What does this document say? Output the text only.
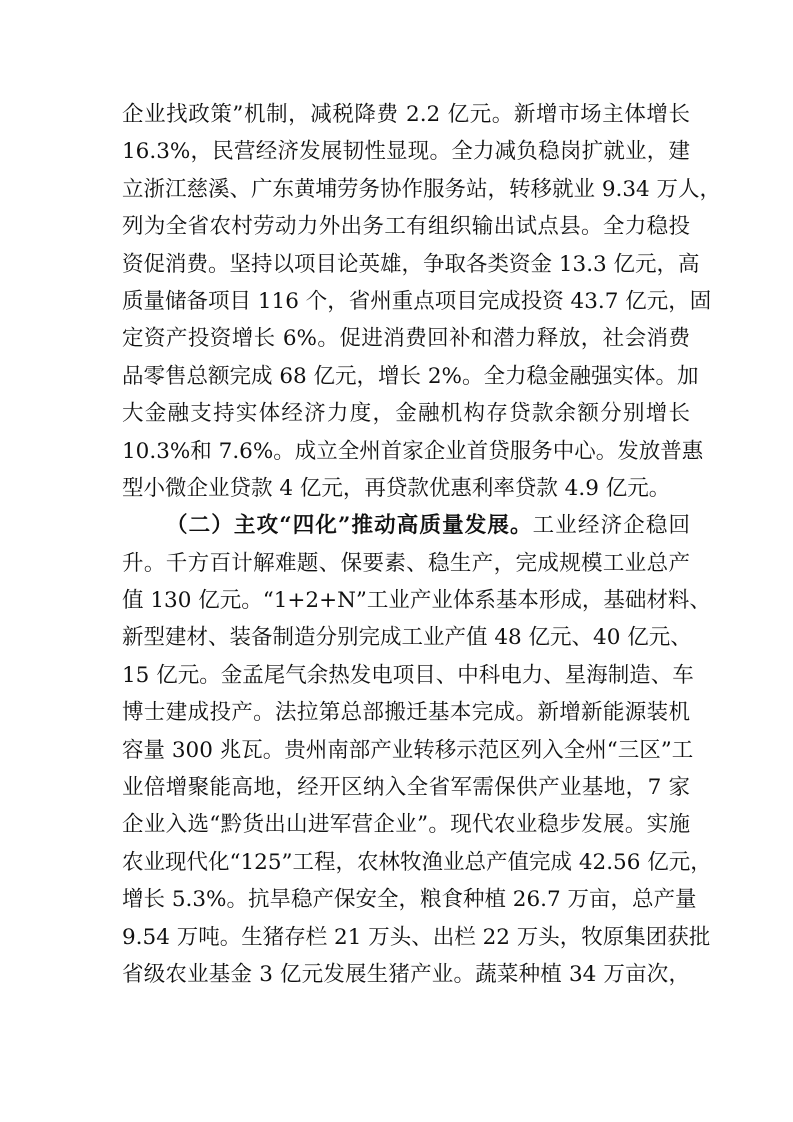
企业找政策”机制，减税降费 2.2 亿元。新增市场主体增长
16.3%，民营经济发展韧性显现。全力减负稳岗扩就业，建
立浙江慈溪、广东黄埔劳务协作服务站，转移就业 9.34 万人，
列为全省农村劳动力外出务工有组织输出试点县。全力稳投
资促消费。坚持以项目论英雄，争取各类资金 13.3 亿元，高
质量储备项目 116 个，省州重点项目完成投资 43.7 亿元，固
定资产投资增长 6%。促进消费回补和潜力释放，社会消费
品零售总额完成 68 亿元，增长 2%。全力稳金融强实体。加
大金融支持实体经济力度，金融机构存贷款余额分别增长
10.3%和 7.6%。成立全州首家企业首贷服务中心。发放普惠
型小微企业贷款 4 亿元，再贷款优惠利率贷款 4.9 亿元。
（二）主攻“四化”推动高质量发展。工业经济企稳回
升。千方百计解难题、保要素、稳生产，完成规模工业总产
值 130 亿元。“1+2+N”工业产业体系基本形成，基础材料、
新型建材、装备制造分别完成工业产值 48 亿元、40 亿元、
15 亿元。金孟尾气余热发电项目、中科电力、星海制造、车
博士建成投产。法拉第总部搬迁基本完成。新增新能源装机
容量 300 兆瓦。贵州南部产业转移示范区列入全州“三区”工
业倍增聚能高地，经开区纳入全省军需保供产业基地，7 家
企业入选“黔货出山进军营企业”。现代农业稳步发展。实施
农业现代化“125”工程，农林牧渔业总产值完成 42.56 亿元，
增长 5.3%。抗旱稳产保安全，粮食种植 26.7 万亩，总产量
9.54 万吨。生猪存栏 21 万头、出栏 22 万头，牧原集团获批
省级农业基金 3 亿元发展生猪产业。蔬菜种植 34 万亩次，
